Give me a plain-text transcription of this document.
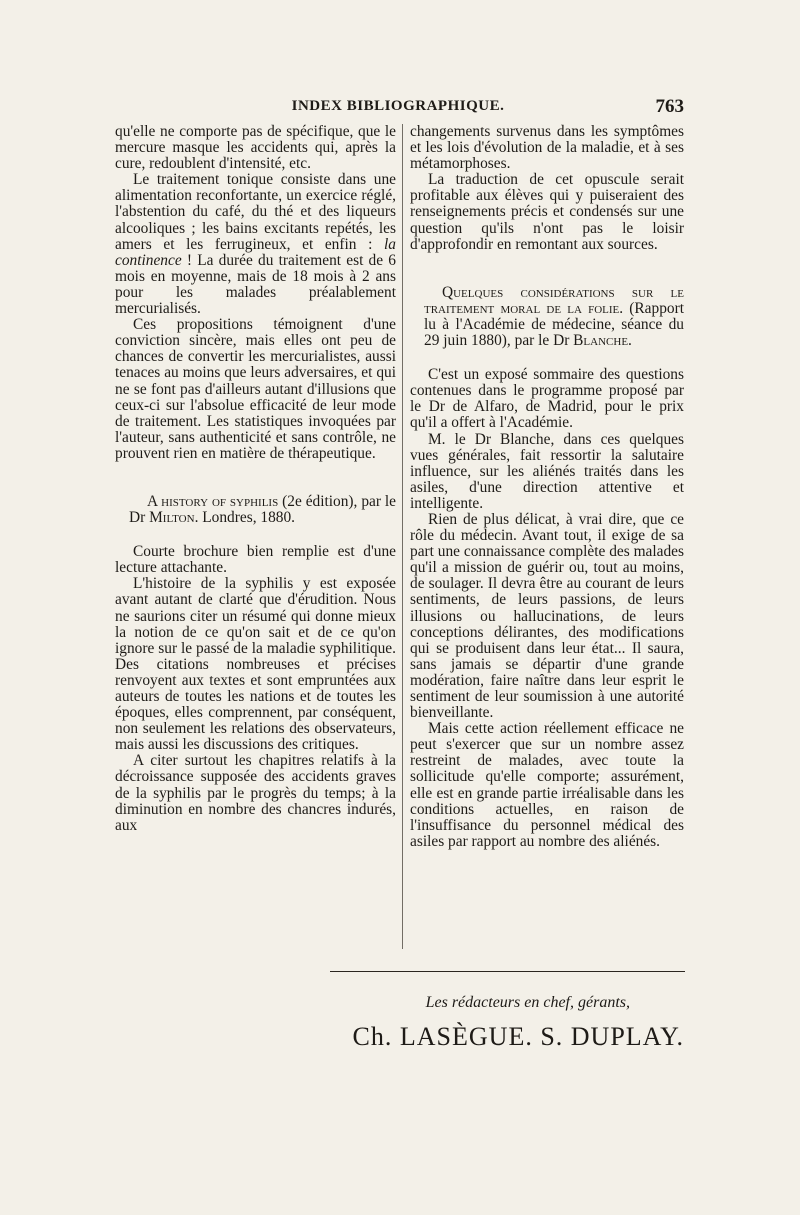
INDEX BIBLIOGRAPHIQUE.	763

qu'elle ne comporte pas de spécifique, que le mercure masque les accidents qui, après la cure, redoublent d'intensité, etc.

Le traitement tonique consiste dans une alimentation reconfortante, un exercice réglé, l'abstention du café, du thé et des liqueurs alcooliques ; les bains excitants repétés, les amers et les ferrugineux, et enfin : la continence ! La durée du traitement est de 6 mois en moyenne, mais de 18 mois à 2 ans pour les malades préalablement mercurialisés.

Ces propositions témoignent d'une conviction sincère, mais elles ont peu de chances de convertir les mercurialistes, aussi tenaces au moins que leurs adversaires, et qui ne se font pas d'ailleurs autant d'illusions que ceux-ci sur l'absolue efficacité de leur mode de traitement. Les statistiques invoquées par l'auteur, sans authenticité et sans contrôle, ne prouvent rien en matière de thérapeutique.

A history of syphilis (2e édition), par le Dr Milton. Londres, 1880.

Courte brochure bien remplie est d'une lecture attachante.

L'histoire de la syphilis y est exposée avant autant de clarté que d'érudition. Nous ne saurions citer un résumé qui donne mieux la notion de ce qu'on sait et de ce qu'on ignore sur le passé de la maladie syphilitique. Des citations nombreuses et précises renvoyent aux textes et sont empruntées aux auteurs de toutes les nations et de toutes les époques, elles comprennent, par conséquent, non seulement les relations des observateurs, mais aussi les discussions des critiques.

A citer surtout les chapitres relatifs à la décroissance supposée des accidents graves de la syphilis par le progrès du temps; à la diminution en nombre des chancres indurés, aux

changements survenus dans les symptômes et les lois d'évolution de la maladie, et à ses métamorphoses.

La traduction de cet opuscule serait profitable aux élèves qui y puiseraient des renseignements précis et condensés sur une question qu'ils n'ont pas le loisir d'approfondir en remontant aux sources.

Quelques considérations sur le traitement moral de la folie. (Rapport lu à l'Académie de médecine, séance du 29 juin 1880), par le Dr Blanche.

C'est un exposé sommaire des questions contenues dans le programme proposé par le Dr de Alfaro, de Madrid, pour le prix qu'il a offert à l'Académie.

M. le Dr Blanche, dans ces quelques vues générales, fait ressortir la salutaire influence, sur les aliénés traités dans les asiles, d'une direction attentive et intelligente.

Rien de plus délicat, à vrai dire, que ce rôle du médecin. Avant tout, il exige de sa part une connaissance complète des malades qu'il a mission de guérir ou, tout au moins, de soulager. Il devra être au courant de leurs sentiments, de leurs passions, de leurs illusions ou hallucinations, de leurs conceptions délirantes, des modifications qui se produisent dans leur état... Il saura, sans jamais se départir d'une grande modération, faire naître dans leur esprit le sentiment de leur soumission à une autorité bienveillante.

Mais cette action réellement efficace ne peut s'exercer que sur un nombre assez restreint de malades, avec toute la sollicitude qu'elle comporte; assurément, elle est en grande partie irréalisable dans les conditions actuelles, en raison de l'insuffisance du personnel médical des asiles par rapport au nombre des aliénés.

Les rédacteurs en chef, gérants,
Ch. LASÈGUE. S. DUPLAY.
